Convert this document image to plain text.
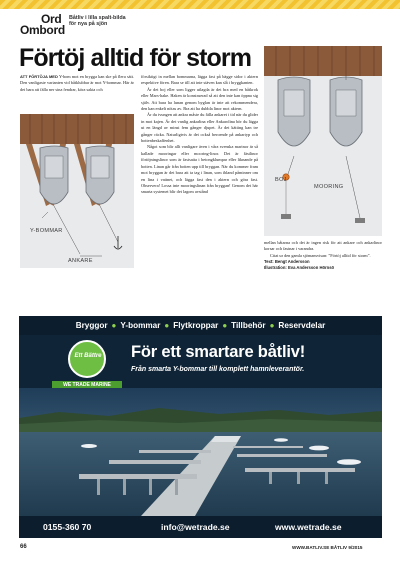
Ord
Ombord
Båtliv i lilla spalt-bilda för nya på sjön
Förtöj alltid för storm

ATT FÖRTÖJA MED Y-bom mot en brygga kan ske på flera sätt. Den vanligaste varianten vid båtklubbar är mot Y-bommar. Här är det bara att fälla ner sina fendrar, köra sakta och

Y-BOMMAR
ANKARE

försiktigt in mellan bommarna, lägga fast på bägge sidor i aktern respektive fören. Bara se till att inte stäven kan slå i bryggkanten.

Är det boj eller som ligger utlagda är det bra med en båtkrok eller Mars-hake. Haken är konstruerad så att den inte kan öppna sig själv. Att bara ha lunan genom byglan är inte att rekommendera, den kan enkelt nötas av. Bra att ha dubbla linor mot aktern.

Är du tvungen att ankra måste du fälla ankaret i tid när du glider in mot kajen. Är det vanlig ankarlina eller Ankarolina bör du lägga ut en längd av minst fem gånger djupet. Är det kätting kan tre gånger räcka. Naturligtvis är det också beroende på ankartyp och bottenbeskaffenhet.

Något som blir allt vanligare även i våra svenska marinor är så kallade mooringar eller mooring-linor. Det är fästlinor förtöjningslinor som är fastsatta i betongklumpar eller liknande på botten. Linan går från botten upp till bryggan. När du kommer fram mot bryggan är det bara att ta tag i linan, som ibland påminner om en lina i vattnet, och lägga fast den i aktern och göra fast. Observera! Lossa inte mooringslinan från bryggan! Genom det här smarta systemet blir det lagom avstånd

BOJ
MOORING

mellan båtarna och det är ingen risk för att ankare och ankarlinor korsar och fastnar i varandra.

Citat ur den gamla sjömansvisan: ”Förtöj alltid för storm”.

Text: Bengt Andersson

Illustration: Eva Andersson Hörnsö

Bryggor ● Y-bommar ● Flytkroppar ● Tillbehör ● Reservdelar
Ett Bättre
WE TRADE MARINE
För ett smartare båtliv!
Från smarta Y-bommar till komplett hamnleverantör.
0155-360 70	info@wetrade.se	www.wetrade.se
66	WWW.BATLIV.SE BÅTLIV 9/2015
